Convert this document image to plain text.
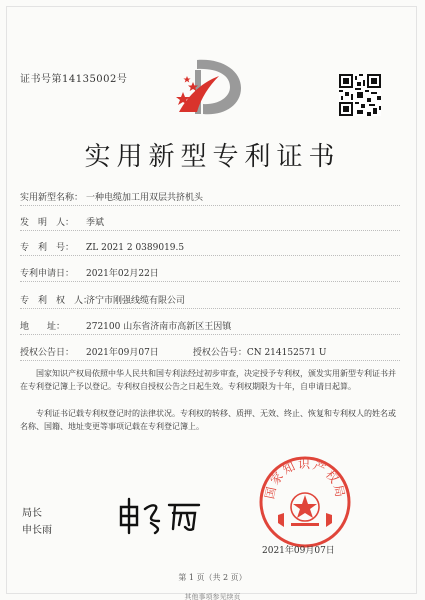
证书号第14135002号
实用新型专利证书
实用新型名称： 一种电缆加工用双层共挤机头
发　明　人： 季斌
专　利　号： ZL 2021 2 0389019.5
专利申请日： 2021年02月22日
专　利　权　人：济宁市刚强线缆有限公司
地　　址： 272100 山东省济南市高新区王因镇
授权公告日： 2021年09月07日	授权公告号：CN 214152571 U
国家知识产权局依照中华人民共和国专利法经过初步审查，决定授予专利权，颁发实用新型专利证书并在专利登记簿上予以登记。专利权自授权公告之日起生效。专利权期限为十年，自申请日起算。
专利证书记载专利权登记时的法律状况。专利权的转移、质押、无效、终止、恢复和专利权人的姓名或名称、国籍、地址变更等事项记载在专利登记簿上。
国家知识产权局
局长
申长雨
2021年09月07日
第 1 页（共 2 页）
其他事项参见续页
